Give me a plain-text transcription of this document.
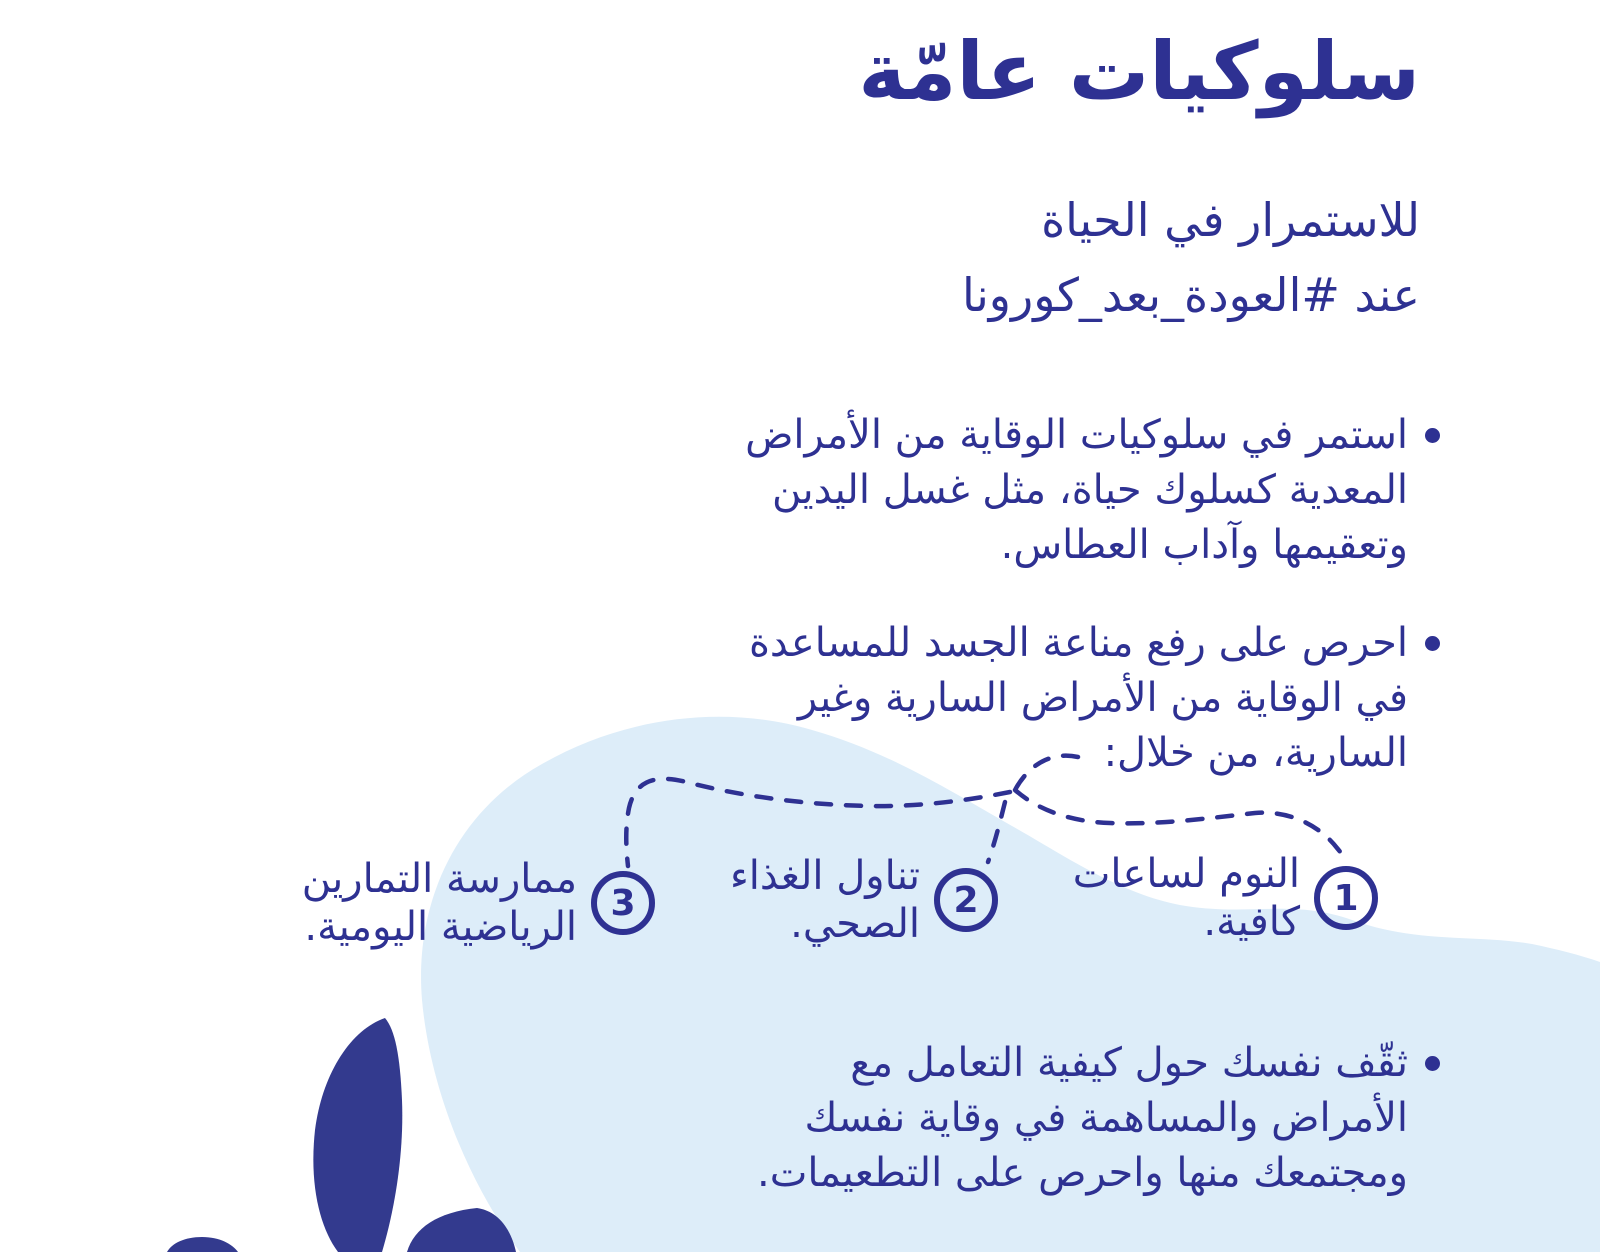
سلوكيات عامّة
للاستمرار في الحياة
عند #العودة_بعد_كورونا
استمر في سلوكيات الوقاية من الأمراض
المعدية كسلوك حياة، مثل غسل اليدين
وتعقيمها وآداب العطاس.
احرص على رفع مناعة الجسد للمساعدة
في الوقاية من الأمراض السارية وغير
السارية، من خلال:
1
النوم لساعات
كافية.
2
تناول الغذاء
الصحي.
3
ممارسة التمارين
الرياضية اليومية.
ثقّف نفسك حول كيفية التعامل مع
الأمراض والمساهمة في وقاية نفسك
ومجتمعك منها واحرص على التطعيمات.
